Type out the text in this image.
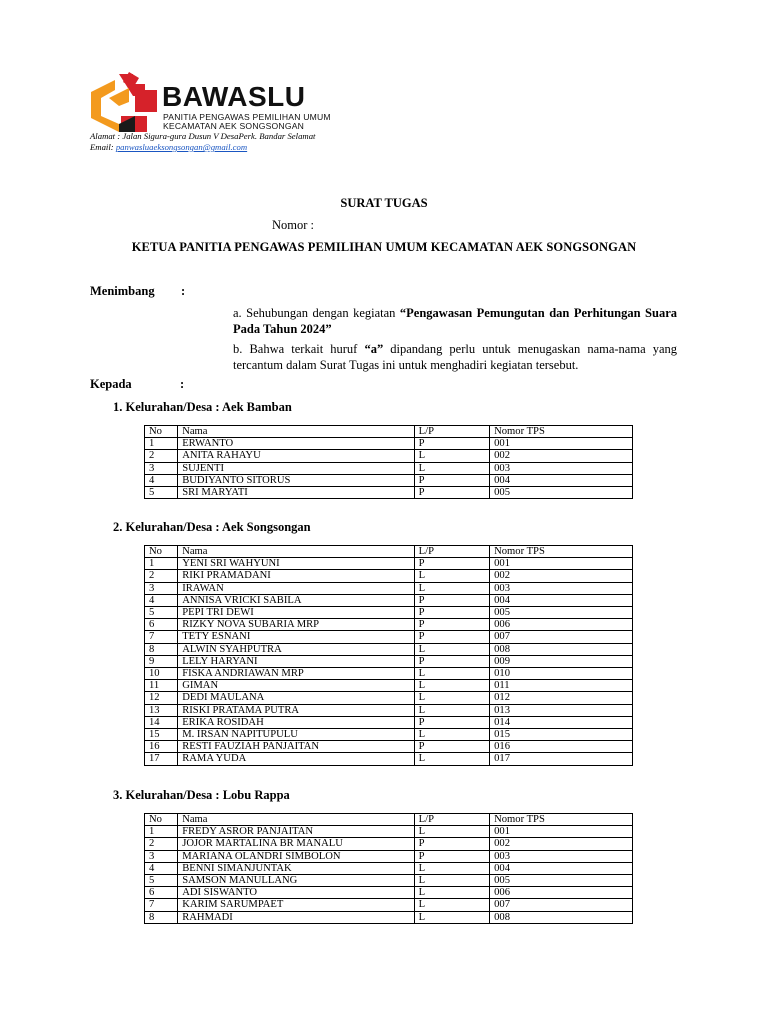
BAWASLU
PANITIA PENGAWAS PEMILIHAN UMUM
KECAMATAN AEK SONGSONGAN
Alamat : Jalan Sigura-gura Dusun V DesaPerk. Bandar Selamat
Email: panwasluaeksongsongan@gmail.com
SURAT TUGAS
Nomor :
KETUA PANITIA PENGAWAS PEMILIHAN UMUM KECAMATAN AEK SONGSONGAN
Menimbang :
a. Sehubungan dengan kegiatan “Pengawasan Pemungutan dan Perhitungan Suara Pada Tahun 2024”
b. Bahwa terkait huruf “a” dipandang perlu untuk menugaskan nama-nama yang tercantum dalam Surat Tugas ini untuk menghadiri kegiatan tersebut.
Kepada	:
1. Kelurahan/Desa : Aek Bamban
No	Nama	L/P	Nomor TPS
1	ERWANTO	P	001
2	ANITA RAHAYU	L	002
3	SUJENTI	L	003
4	BUDIYANTO SITORUS	P	004
5	SRI MARYATI	P	005
2. Kelurahan/Desa : Aek Songsongan
No	Nama	L/P	Nomor TPS
1	YENI SRI WAHYUNI	P	001
2	RIKI PRAMADANI	L	002
3	IRAWAN	L	003
4	ANNISA VRICKI SABILA	P	004
5	PEPI TRI DEWI	P	005
6	RIZKY NOVA SUBARIA MRP	P	006
7	TETY ESNANI	P	007
8	ALWIN SYAHPUTRA	L	008
9	LELY HARYANI	P	009
10	FISKA ANDRIAWAN MRP	L	010
11	GIMAN	L	011
12	DEDI MAULANA	L	012
13	RISKI PRATAMA PUTRA	L	013
14	ERIKA ROSIDAH	P	014
15	M. IRSAN NAPITUPULU	L	015
16	RESTI FAUZIAH PANJAITAN	P	016
17	RAMA YUDA	L	017
3. Kelurahan/Desa : Lobu Rappa
No	Nama	L/P	Nomor TPS
1	FREDY ASROR PANJAITAN	L	001
2	JOJOR MARTALINA BR MANALU	P	002
3	MARIANA OLANDRI SIMBOLON	P	003
4	BENNI SIMANJUNTAK	L	004
5	SAMSON MANULLANG	L	005
6	ADI SISWANTO	L	006
7	KARIM SARUMPAET	L	007
8	RAHMADI	L	008
